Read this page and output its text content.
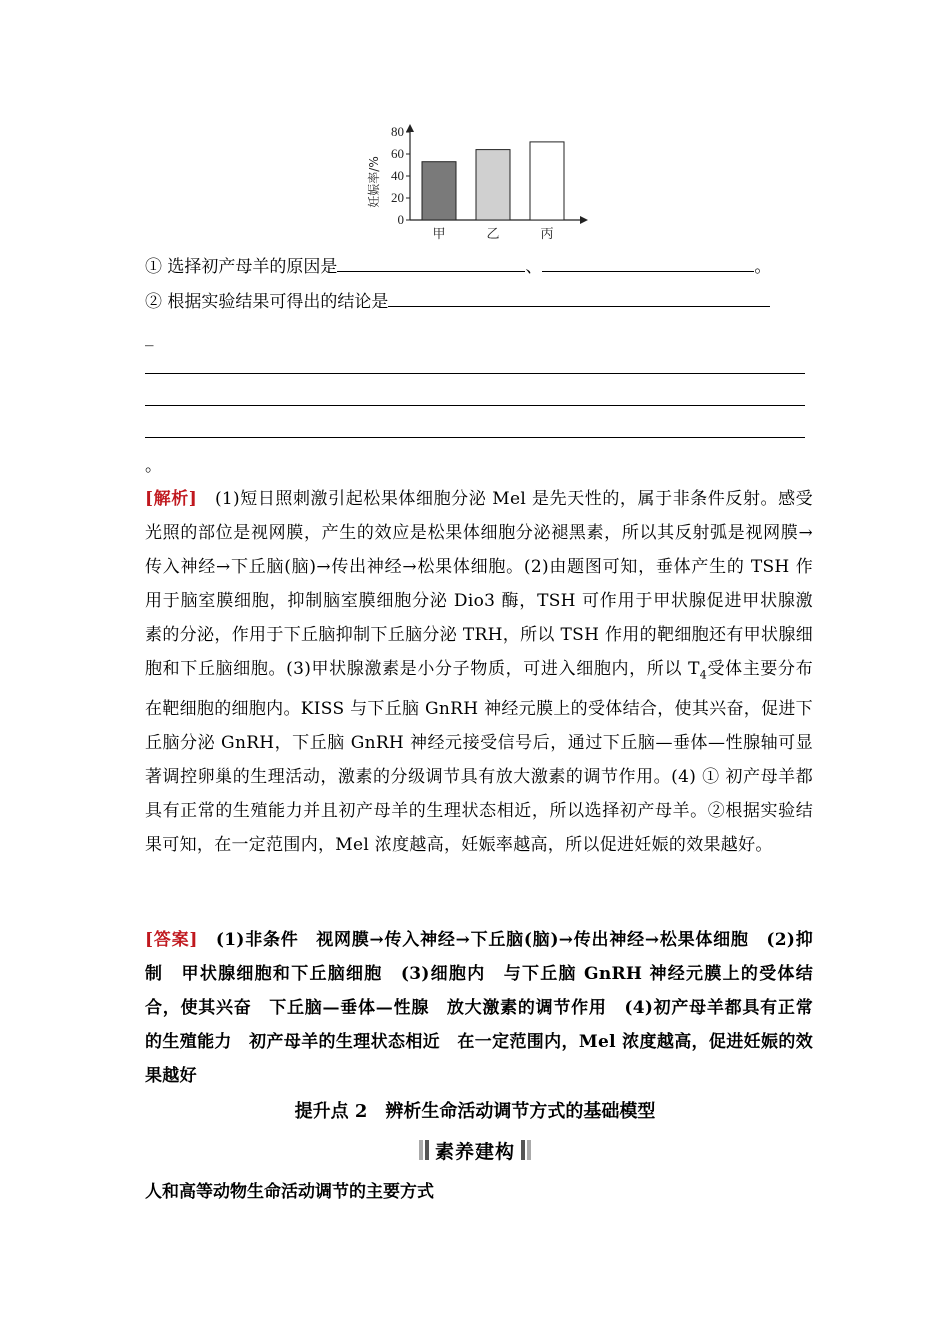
妊娠率/%
0
20
40
60
80
甲	乙	丙
① 选择初产母羊的原因是	、	。
② 根据实验结果可得出的结论是
_
。
[解析]　 (1)短日照刺激引起松果体细胞分泌 Mel 是先天性的，属于非条件反射。感受光照的部位是视网膜，产生的效应是松果体细胞分泌褪黑素，所以其反射弧是视网膜→传入神经→下丘脑(脑)→传出神经→松果体细胞。(2)由题图可知，垂体产生的 TSH 作用于脑室膜细胞，抑制脑室膜细胞分泌 Dio3 酶，TSH 可作用于甲状腺促进甲状腺激素的分泌，作用于下丘脑抑制下丘脑分泌 TRH，所以 TSH 作用的靶细胞还有甲状腺细胞和下丘脑细胞。(3)甲状腺激素是小分子物质，可进入细胞内，所以 $T_4$受体主要分布在靶细胞的细胞内。KISS 与下丘脑 GnRH 神经元膜上的受体结合，使其兴奋，促进下丘脑分泌 GnRH，下丘脑 GnRH 神经元接受信号后，通过下丘脑—垂体—性腺轴可显著调控卵巢的生理活动，激素的分级调节具有放大激素的调节作用。(4) ① 初产母羊都具有正常的生殖能力并且初产母羊的生理状态相近，所以选择初产母羊。②根据实验结果可知，在一定范围内，Mel 浓度越高，妊娠率越高，所以促进妊娠的效果越好。
[答案]　 (1)非条件　视网膜→传入神经→下丘脑(脑)→传出神经→松果体细胞　(2)抑制　甲状腺细胞和下丘脑细胞　(3)细胞内　与下丘脑 GnRH 神经元膜上的受体结合，使其兴奋　下丘脑—垂体—性腺　放大激素的调节作用　(4)初产母羊都具有正常的生殖能力　初产母羊的生理状态相近　在一定范围内，Mel 浓度越高，促进妊娠的效果越好
提升点 2　辨析生命活动调节方式的基础模型
素养建构
人和高等动物生命活动调节的主要方式
